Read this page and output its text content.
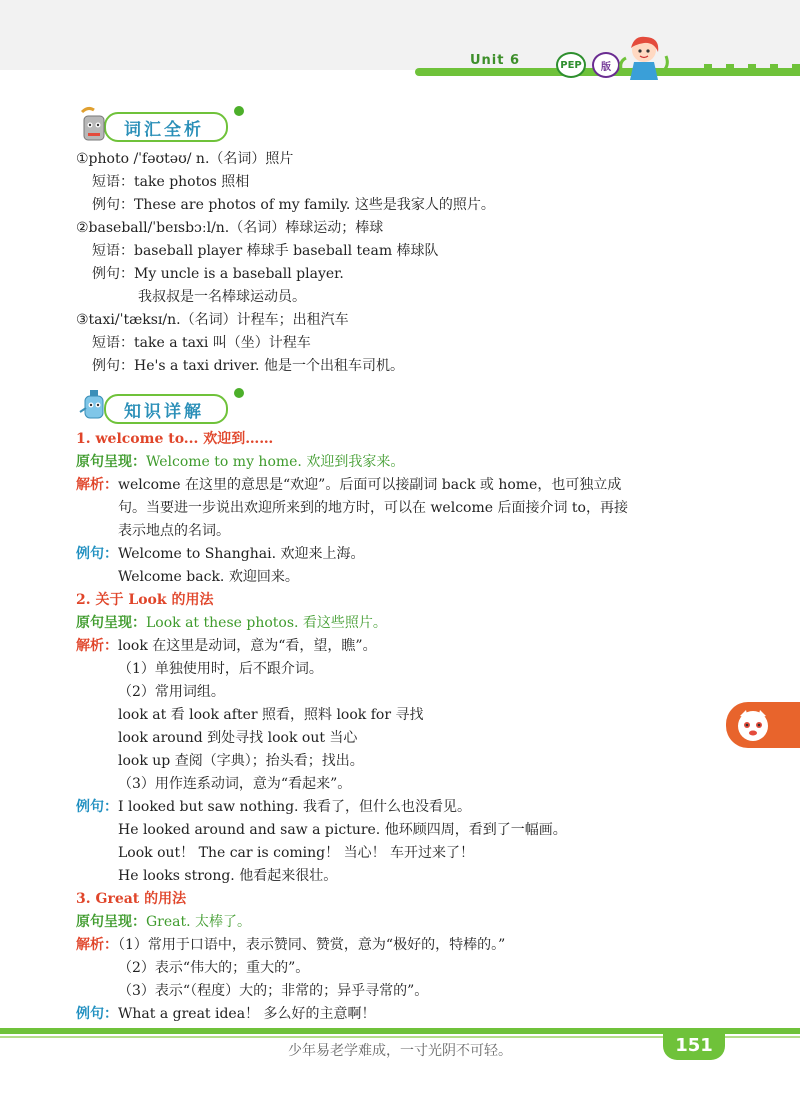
Unit 6	PEP	版
词汇全析
①photo /ˈfəʊtəʊ/ n.（名词）照片
短语：take photos 照相
例句：These are photos of my family. 这些是我家人的照片。
②baseball/ˈbeɪsbɔːl/n.（名词）棒球运动；棒球
短语：baseball player 棒球手 baseball team 棒球队
例句：My uncle is a baseball player.
我叔叔是一名棒球运动员。
③taxi/ˈtæksɪ/n.（名词）计程车；出租汽车
短语：take a taxi 叫（坐）计程车
例句：He's a taxi driver. 他是一个出租车司机。
知识详解
1. welcome to... 欢迎到……
原句呈现：Welcome to my home. 欢迎到我家来。
解析：welcome 在这里的意思是“欢迎”。后面可以接副词 back 或 home，也可独立成
句。当要进一步说出欢迎所来到的地方时，可以在 welcome 后面接介词 to，再接
表示地点的名词。
例句：Welcome to Shanghai. 欢迎来上海。
Welcome back. 欢迎回来。
2. 关于 Look 的用法
原句呈现：Look at these photos. 看这些照片。
解析：look 在这里是动词，意为“看，望，瞧”。
（1）单独使用时，后不跟介词。
（2）常用词组。
look at 看 look after 照看，照料 look for 寻找
look around 到处寻找 look out 当心
look up 查阅（字典）；抬头看；找出。
（3）用作连系动词，意为“看起来”。
例句：I looked but saw nothing. 我看了，但什么也没看见。
He looked around and saw a picture. 他环顾四周，看到了一幅画。
Look out！ The car is coming！ 当心！ 车开过来了！
He looks strong. 他看起来很壮。
3. Great 的用法
原句呈现：Great. 太棒了。
解析：（1）常用于口语中，表示赞同、赞赏，意为“极好的，特棒的。”
（2）表示“伟大的；重大的”。
（3）表示“（程度）大的；非常的；异乎寻常的”。
例句：What a great idea！ 多么好的主意啊！
少年易老学难成，一寸光阴不可轻。	151
